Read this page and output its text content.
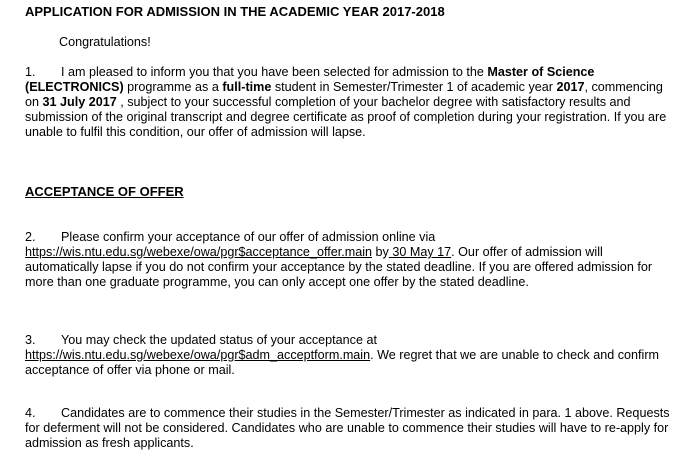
APPLICATION FOR ADMISSION IN THE ACADEMIC YEAR 2017-2018
Congratulations!

1. I am pleased to inform you that you have been selected for admission to the Master of Science (ELECTRONICS) programme as a full-time student in Semester/Trimester 1 of academic year 2017, commencing on 31 July 2017 , subject to your successful completion of your bachelor degree with satisfactory results and submission of the original transcript and degree certificate as proof of completion during your registration. If you are unable to fulfil this condition, our offer of admission will lapse.

ACCEPTANCE OF OFFER

2. Please confirm your acceptance of our offer of admission online via
https://wis.ntu.edu.sg/webexe/owa/pgr$acceptance_offer.main by 30 May 17. Our offer of admission will automatically lapse if you do not confirm your acceptance by the stated deadline. If you are offered admission for more than one graduate programme, you can only accept one offer by the stated deadline.

3. You may check the updated status of your acceptance at
https://wis.ntu.edu.sg/webexe/owa/pgr$adm_acceptform.main. We regret that we are unable to check and confirm acceptance of offer via phone or mail.

4. Candidates are to commence their studies in the Semester/Trimester as indicated in para. 1 above. Requests for deferment will not be considered. Candidates who are unable to commence their studies will have to re-apply for admission as fresh applicants.
